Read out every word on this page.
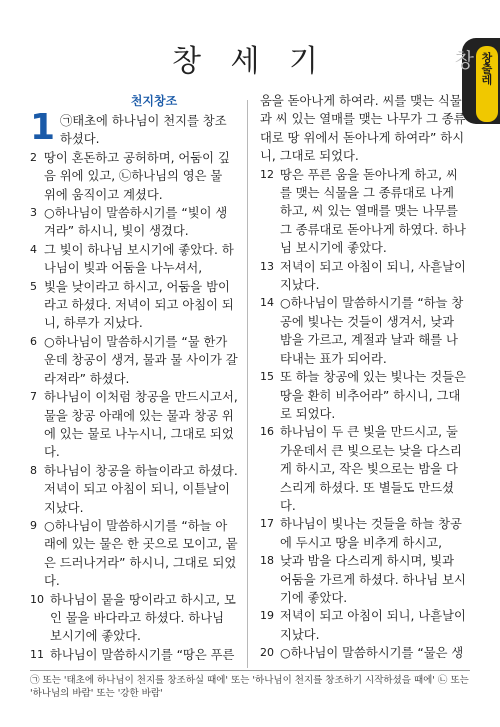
창 세 기	창 창출레
천지창조
1 ㉠태초에 하나님이 천지를 창조하셨다.
2 땅이 혼돈하고 공허하며, 어둠이 깊음 위에 있고, ㉡하나님의 영은 물 위에 움직이고 계셨다.
3 ○하나님이 말씀하시기를 “빛이 생겨라” 하시니, 빛이 생겼다.
4 그 빛이 하나님 보시기에 좋았다. 하나님이 빛과 어둠을 나누셔서,
5 빛을 낮이라고 하시고, 어둠을 밤이라고 하셨다. 저녁이 되고 아침이 되니, 하루가 지났다.
6 ○하나님이 말씀하시기를 “물 한가운데 창공이 생겨, 물과 물 사이가 갈라져라” 하셨다.
7 하나님이 이처럼 창공을 만드시고서, 물을 창공 아래에 있는 물과 창공 위에 있는 물로 나누시니, 그대로 되었다.
8 하나님이 창공을 하늘이라고 하셨다. 저녁이 되고 아침이 되니, 이튿날이 지났다.
9 ○하나님이 말씀하시기를 “하늘 아래에 있는 물은 한 곳으로 모이고, 뭍은 드러나거라” 하시니, 그대로 되었다.
10 하나님이 뭍을 땅이라고 하시고, 모인 물을 바다라고 하셨다. 하나님 보시기에 좋았다.
11 하나님이 말씀하시기를 “땅은 푸른

움을 돋아나게 하여라. 씨를 맺는 식물과 씨 있는 열매를 맺는 나무가 그 종류대로 땅 위에서 돋아나게 하여라” 하시니, 그대로 되었다.

12 땅은 푸른 움을 돋아나게 하고, 씨를 맺는 식물을 그 종류대로 나게 하고, 씨 있는 열매를 맺는 나무를 그 종류대로 돋아나게 하였다. 하나님 보시기에 좋았다.
13 저녁이 되고 아침이 되니, 사흗날이 지났다.
14 ○하나님이 말씀하시기를 “하늘 창공에 빛나는 것들이 생겨서, 낮과 밤을 가르고, 계절과 날과 해를 나타내는 표가 되어라.
15 또 하늘 창공에 있는 빛나는 것들은 땅을 환히 비추어라” 하시니, 그대로 되었다.
16 하나님이 두 큰 빛을 만드시고, 둘 가운데서 큰 빛으로는 낮을 다스리게 하시고, 작은 빛으로는 밤을 다스리게 하셨다. 또 별들도 만드셨다.
17 하나님이 빛나는 것들을 하늘 창공에 두시고 땅을 비추게 하시고,
18 낮과 밤을 다스리게 하시며, 빛과 어둠을 가르게 하셨다. 하나님 보시기에 좋았다.
19 저녁이 되고 아침이 되니, 나흗날이 지났다.
20 ○하나님이 말씀하시기를 “물은 생
㉠ 또는 '태초에 하나님이 천지를 창조하실 때에' 또는 '하나님이 천지를 창조하기 시작하셨을 때에' ㉡ 또는 '하나님의 바람' 또는 '강한 바람'
